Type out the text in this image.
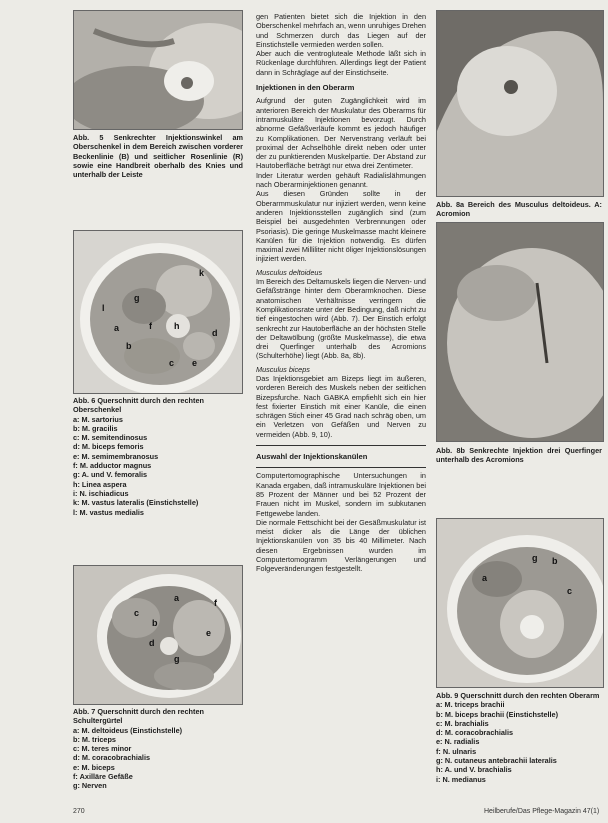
Abb. 5 Senkrechter Injektionswinkel am Oberschenkel in dem Bereich zwischen vorderer Beckenlinie (B) und seitlicher Rosenlinie (R) sowie eine Handbreit oberhalb des Knies und unterhalb der Leiste

k
g
f
b
a
c
d
e
h
l
Abb. 6 Querschnitt durch den rechten Oberschenkel
a: M. sartorius
b: M. gracilis
c: M. semitendinosus
d: M. biceps femoris
e: M. semimembranosus
f: M. adductor magnus
g: A. und V. femoralis
h: Linea aspera
i: N. ischiadicus
k: M. vastus lateralis (Einstichstelle)
l: M. vastus medialis
a
b
c
d
e
f
g
Abb. 7 Querschnitt durch den rechten Schultergürtel
a: M. deltoideus (Einstichstelle)
b: M. triceps
c: M. teres minor
d: M. coracobrachialis
e: M. biceps
f: Axilläre Gefäße
g: Nerven
270

gen Patienten bietet sich die Injektion in den Oberschenkel mehrfach an, wenn unruhiges Drehen und Schmerzen durch das Liegen auf der Einstichstelle vermieden werden sollen.

Aber auch die ventrogluteale Methode läßt sich in Rückenlage durchführen. Allerdings liegt der Patient dann in Schräglage auf der Einstichseite.

Injektionen in den Oberarm

Aufgrund der guten Zugänglichkeit wird im anterioren Bereich der Muskulatur des Oberarms für intramuskuläre Injektionen bevorzugt. Durch abnorme Gefäßverläufe kommt es jedoch häufiger zu Komplikationen. Der Nervenstrang verläuft bei proximal der Achselhöhle direkt neben oder unter der zu punktierenden Muskelpartie. Der Abstand zur Hautoberfläche beträgt nur etwa drei Zentimeter.

Inder Literatur werden gehäuft Radialislähmungen nach Oberarminjektionen genannt.

Aus diesen Gründen sollte in der Oberarmmuskulatur nur injiziert werden, wenn keine anderen Injektionsstellen zugänglich sind (zum Beispiel bei ausgedehnten Verbrennungen oder Psoriasis). Die geringe Muskelmasse macht kleinere Kanülen für die Injektion notwendig. Es dürfen maximal zwei Milliliter nicht öliger Injektionslösungen injiziert werden.

Musculus deltoideus

Im Bereich des Deltamuskels liegen die Nerven- und Gefäßstränge hinter dem Oberarmknochen. Diese anatomischen Verhältnisse verringern die Komplikationsrate unter der Bedingung, daß nicht zu tief eingestochen wird (Abb. 7). Der Einstich erfolgt senkrecht zur Hautoberfläche an der höchsten Stelle der Deltawölbung (größte Muskelmasse), die etwa drei Querfinger unterhalb des Acromions (Schulterhöhe) liegt (Abb. 8a, 8b).

Musculus biceps

Das Injektionsgebiet am Bizeps liegt im äußeren, vorderen Bereich des Muskels neben der seitlichen Bizepsfurche. Nach GABKA empfiehlt sich ein hier fest fixierter Einstich mit einer Kanüle, die einen schrägen Stich einer 45 Grad nach schräg oben, um ein Verletzen von Gefäßen und Nerven zu vermeiden (Abb. 9, 10).

Auswahl der Injektionskanülen

Computertomographische Untersuchungen in Kanada ergaben, daß intramuskuläre Injektionen bei 85 Prozent der Männer und bei 52 Prozent der Frauen nicht im Muskel, sondern im subkutanen Fettgewebe landen.

Die normale Fettschicht bei der Gesäßmuskulatur ist meist dicker als die Länge der üblichen Injektionskanülen von 35 bis 40 Millimeter. Nach diesen Ergebnissen wurden im Computertomogramm Verlängerungen und Folgeveränderungen festgestellt.

Abb. 8a Bereich des Musculus deltoideus. A: Acromion

Abb. 8b Senkrechte Injektion drei Querfinger unterhalb des Acromions

a
b
c
g
Abb. 9 Querschnitt durch den rechten Oberarm
a: M. triceps brachii
b: M. biceps brachii (Einstichstelle)
c: M. brachialis
d: M. coracobrachialis
e: N. radialis
f: N. ulnaris
g: N. cutaneus antebrachii lateralis
h: A. und V. brachialis
i: N. medianus
Heilberufe/Das Pflege-Magazin 47(1)
